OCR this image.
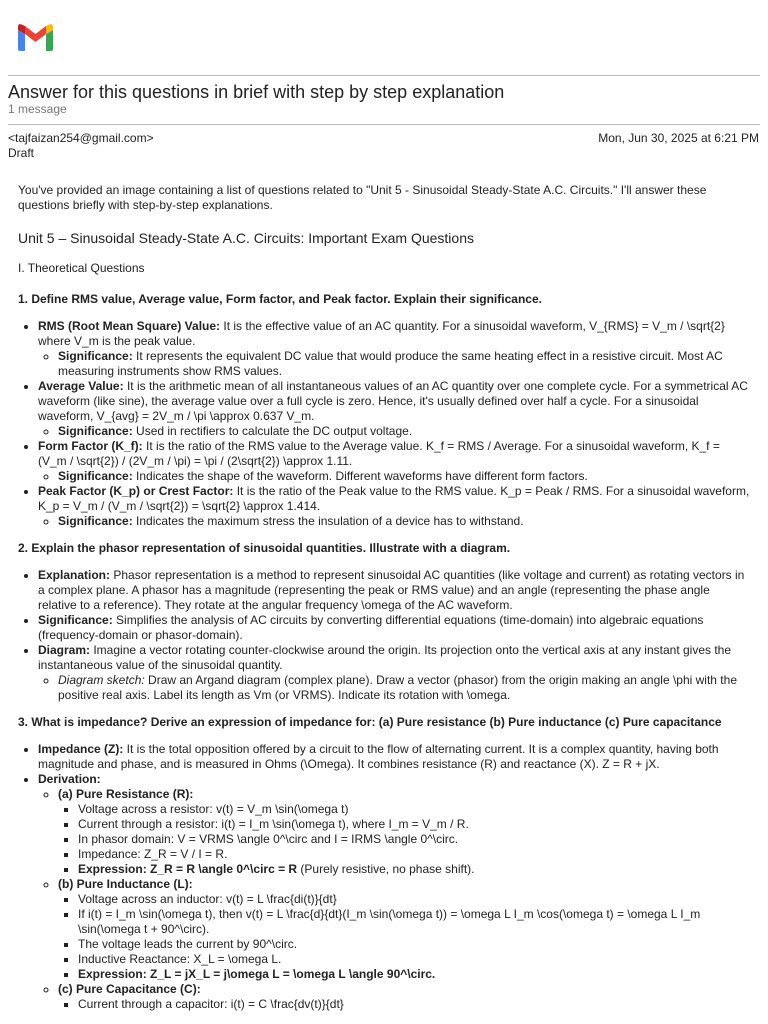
Answer for this questions in brief with step by step explanation
1 message
<tajfaizan254@gmail.com>
Draft
Mon, Jun 30, 2025 at 6:21 PM

You've provided an image containing a list of questions related to "Unit 5 - Sinusoidal Steady-State A.C. Circuits." I'll answer these questions briefly with step-by-step explanations.

Unit 5 – Sinusoidal Steady-State A.C. Circuits: Important Exam Questions

I. Theoretical Questions

1. Define RMS value, Average value, Form factor, and Peak factor. Explain their significance.

• RMS (Root Mean Square) Value: It is the effective value of an AC quantity. For a sinusoidal waveform, V_{RMS} = V_m / \sqrt{2} where V_m is the peak value.
◦ Significance: It represents the equivalent DC value that would produce the same heating effect in a resistive circuit. Most AC measuring instruments show RMS values.
• Average Value: It is the arithmetic mean of all instantaneous values of an AC quantity over one complete cycle. For a symmetrical AC waveform (like sine), the average value over a full cycle is zero. Hence, it's usually defined over half a cycle. For a sinusoidal waveform, V_{avg} = 2V_m / \pi \approx 0.637 V_m.
◦ Significance: Used in rectifiers to calculate the DC output voltage.
• Form Factor (K_f): It is the ratio of the RMS value to the Average value. K_f = RMS / Average. For a sinusoidal waveform, K_f = (V_m / \sqrt{2}) / (2V_m / \pi) = \pi / (2\sqrt{2}) \approx 1.11.
◦ Significance: Indicates the shape of the waveform. Different waveforms have different form factors.
• Peak Factor (K_p) or Crest Factor: It is the ratio of the Peak value to the RMS value. K_p = Peak / RMS. For a sinusoidal waveform, K_p = V_m / (V_m / \sqrt{2}) = \sqrt{2} \approx 1.414.
◦ Significance: Indicates the maximum stress the insulation of a device has to withstand.

2. Explain the phasor representation of sinusoidal quantities. Illustrate with a diagram.

• Explanation: Phasor representation is a method to represent sinusoidal AC quantities (like voltage and current) as rotating vectors in a complex plane. A phasor has a magnitude (representing the peak or RMS value) and an angle (representing the phase angle relative to a reference). They rotate at the angular frequency \omega of the AC waveform.
• Significance: Simplifies the analysis of AC circuits by converting differential equations (time-domain) into algebraic equations (frequency-domain or phasor-domain).
• Diagram: Imagine a vector rotating counter-clockwise around the origin. Its projection onto the vertical axis at any instant gives the instantaneous value of the sinusoidal quantity.
◦ Diagram sketch: Draw an Argand diagram (complex plane). Draw a vector (phasor) from the origin making an angle \phi with the positive real axis. Label its length as Vm (or VRMS). Indicate its rotation with \omega.

3. What is impedance? Derive an expression of impedance for: (a) Pure resistance (b) Pure inductance (c) Pure capacitance

• Impedance (Z): It is the total opposition offered by a circuit to the flow of alternating current. It is a complex quantity, having both magnitude and phase, and is measured in Ohms (\Omega). It combines resistance (R) and reactance (X). Z = R + jX.
• Derivation:
◦ (a) Pure Resistance (R):
▪ Voltage across a resistor: v(t) = V_m \sin(\omega t)
▪ Current through a resistor: i(t) = I_m \sin(\omega t), where I_m = V_m / R.
▪ In phasor domain: V = VRMS \angle 0^\circ and I = IRMS \angle 0^\circ.
▪ Impedance: Z_R = V / I = R.
▪ Expression: Z_R = R \angle 0^\circ = R (Purely resistive, no phase shift).
◦ (b) Pure Inductance (L):
▪ Voltage across an inductor: v(t) = L \frac{di(t)}{dt}
▪ If i(t) = I_m \sin(\omega t), then v(t) = L \frac{d}{dt}(I_m \sin(\omega t)) = \omega L I_m \cos(\omega t) = \omega L I_m \sin(\omega t + 90^\circ).
▪ The voltage leads the current by 90^\circ.
▪ Inductive Reactance: X_L = \omega L.
▪ Expression: Z_L = jX_L = j\omega L = \omega L \angle 90^\circ.
◦ (c) Pure Capacitance (C):
▪ Current through a capacitor: i(t) = C \frac{dv(t)}{dt}
